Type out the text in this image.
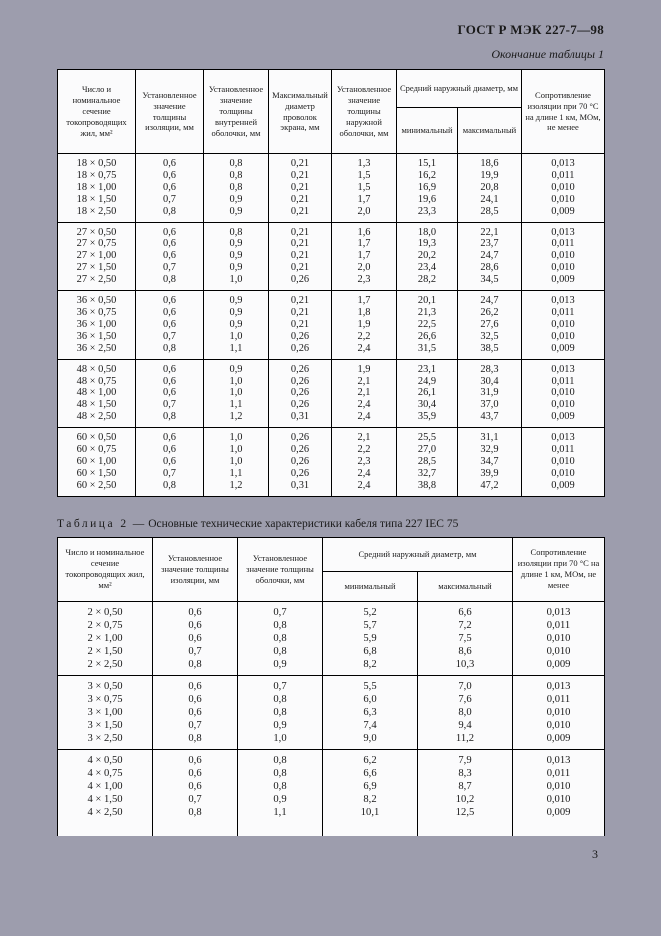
ГОСТ Р МЭК 227-7—98
Окончание таблицы 1
Число и номинальное сечение токопроводящих жил, мм²	Установленное значение толщины изоляции, мм	Установленное значение толщины внутренней оболочки, мм	Максимальный диаметр проволок экрана, мм	Установленное значение толщины наружной оболочки, мм	Средний наружный диаметр, мм		Сопротивление изоляции при 70 °С на длине 1 км, МОм, не менее
					минимальный	максимальный	
18 × 0,50	0,6	0,8	0,21	1,3	15,1	18,6	0,013
18 × 0,75	0,6	0,8	0,21	1,5	16,2	19,9	0,011
18 × 1,00	0,6	0,8	0,21	1,5	16,9	20,8	0,010
18 × 1,50	0,7	0,9	0,21	1,7	19,6	24,1	0,010
18 × 2,50	0,8	0,9	0,21	2,0	23,3	28,5	0,009
27 × 0,50	0,6	0,8	0,21	1,6	18,0	22,1	0,013
27 × 0,75	0,6	0,9	0,21	1,7	19,3	23,7	0,011
27 × 1,00	0,6	0,9	0,21	1,7	20,2	24,7	0,010
27 × 1,50	0,7	0,9	0,21	2,0	23,4	28,6	0,010
27 × 2,50	0,8	1,0	0,26	2,3	28,2	34,5	0,009
36 × 0,50	0,6	0,9	0,21	1,7	20,1	24,7	0,013
36 × 0,75	0,6	0,9	0,21	1,8	21,3	26,2	0,011
36 × 1,00	0,6	0,9	0,21	1,9	22,5	27,6	0,010
36 × 1,50	0,7	1,0	0,26	2,2	26,6	32,5	0,010
36 × 2,50	0,8	1,1	0,26	2,4	31,5	38,5	0,009
48 × 0,50	0,6	0,9	0,26	1,9	23,1	28,3	0,013
48 × 0,75	0,6	1,0	0,26	2,1	24,9	30,4	0,011
48 × 1,00	0,6	1,0	0,26	2,1	26,1	31,9	0,010
48 × 1,50	0,7	1,1	0,26	2,4	30,4	37,0	0,010
48 × 2,50	0,8	1,2	0,31	2,4	35,9	43,7	0,009
60 × 0,50	0,6	1,0	0,26	2,1	25,5	31,1	0,013
60 × 0,75	0,6	1,0	0,26	2,2	27,0	32,9	0,011
60 × 1,00	0,6	1,0	0,26	2,3	28,5	34,7	0,010
60 × 1,50	0,7	1,1	0,26	2,4	32,7	39,9	0,010
60 × 2,50	0,8	1,2	0,31	2,4	38,8	47,2	0,009
Таблица 2 — Основные технические характеристики кабеля типа 227 IEC 75
Число и номинальное сечение токопроводящих жил, мм²	Установленное значение толщины изоляции, мм	Установленное значение толщины оболочки, мм	Средний наружный диаметр, мм		Сопротивление изоляции при 70 °С на длине 1 км, МОм, не менее
			минимальный	максимальный	
2 × 0,50	0,6	0,7	5,2	6,6	0,013
2 × 0,75	0,6	0,8	5,7	7,2	0,011
2 × 1,00	0,6	0,8	5,9	7,5	0,010
2 × 1,50	0,7	0,8	6,8	8,6	0,010
2 × 2,50	0,8	0,9	8,2	10,3	0,009
3 × 0,50	0,6	0,7	5,5	7,0	0,013
3 × 0,75	0,6	0,8	6,0	7,6	0,011
3 × 1,00	0,6	0,8	6,3	8,0	0,010
3 × 1,50	0,7	0,9	7,4	9,4	0,010
3 × 2,50	0,8	1,0	9,0	11,2	0,009
4 × 0,50	0,6	0,8	6,2	7,9	0,013
4 × 0,75	0,6	0,8	6,6	8,3	0,011
4 × 1,00	0,6	0,8	6,9	8,7	0,010
4 × 1,50	0,7	0,9	8,2	10,2	0,010
4 × 2,50	0,8	1,1	10,1	12,5	0,009

3
